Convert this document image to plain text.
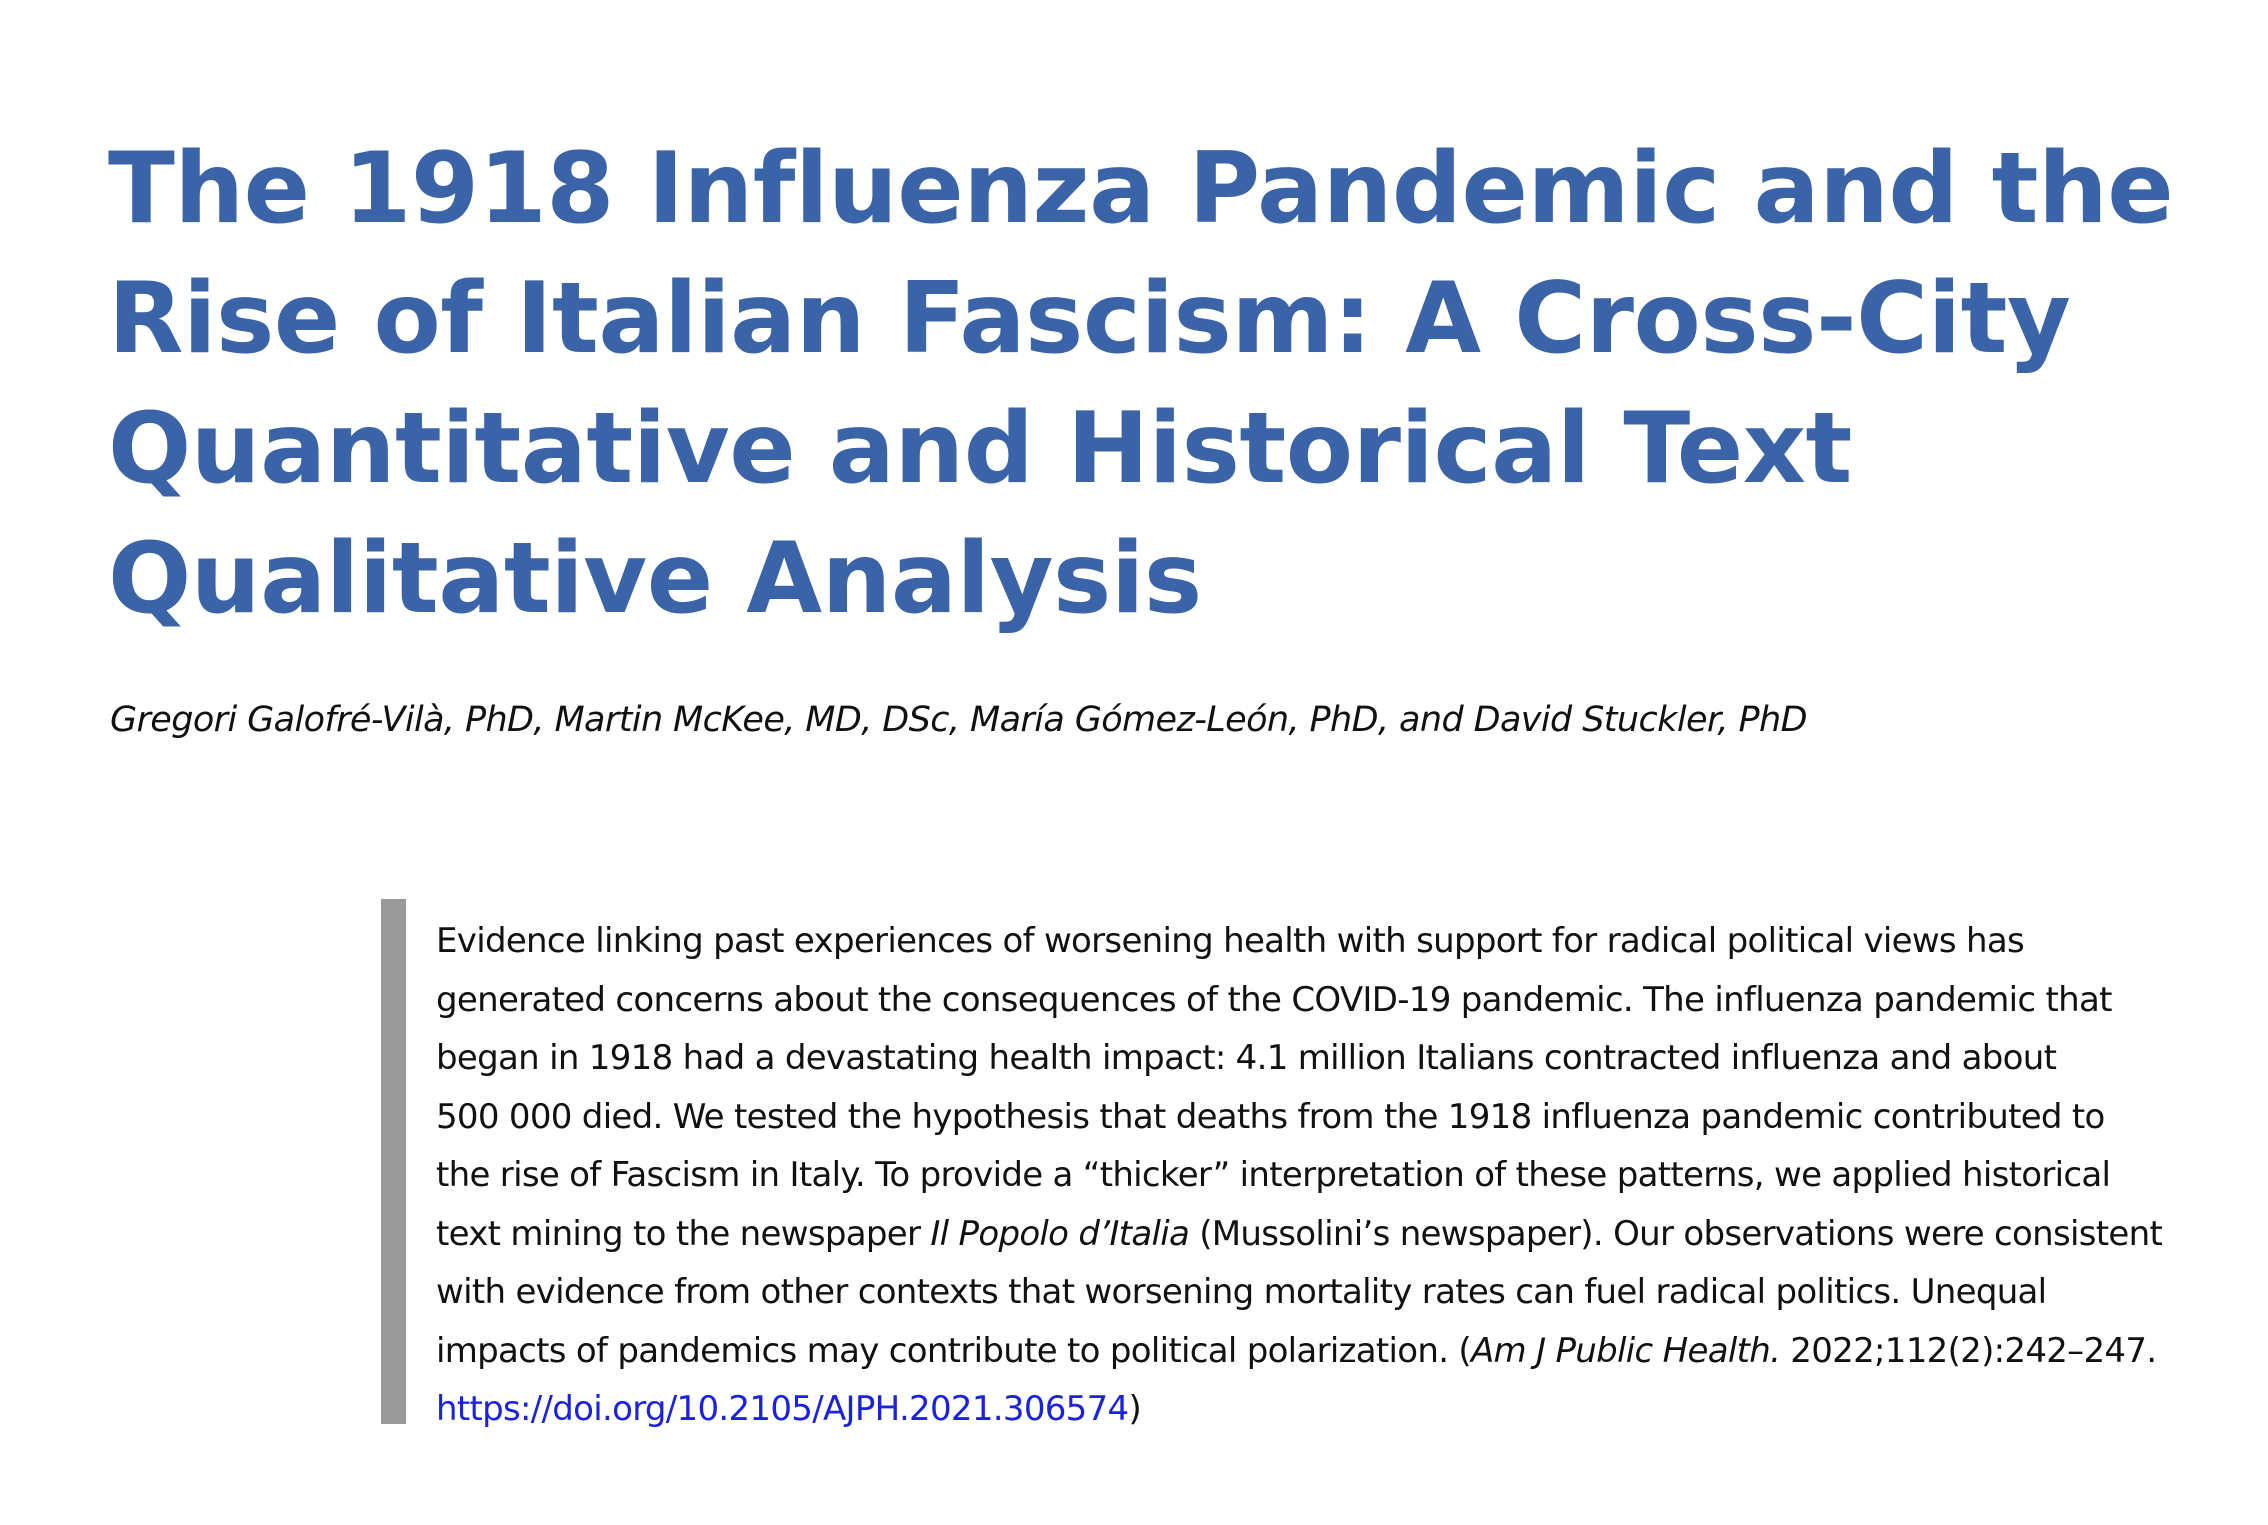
The 1918 Influenza Pandemic and the
Rise of Italian Fascism: A Cross-City
Quantitative and Historical Text
Qualitative Analysis

Gregori Galofré-Vilà, PhD, Martin McKee, MD, DSc, María Gómez-León, PhD, and David Stuckler, PhD

Evidence linking past experiences of worsening health with support for radical political views has
generated concerns about the consequences of the COVID-19 pandemic. The influenza pandemic that
began in 1918 had a devastating health impact: 4.1 million Italians contracted influenza and about
500 000 died. We tested the hypothesis that deaths from the 1918 influenza pandemic contributed to
the rise of Fascism in Italy. To provide a “thicker” interpretation of these patterns, we applied historical
text mining to the newspaper Il Popolo d’Italia (Mussolini’s newspaper). Our observations were consistent
with evidence from other contexts that worsening mortality rates can fuel radical politics. Unequal
impacts of pandemics may contribute to political polarization. (Am J Public Health. 2022;112(2):242–247.
https://doi.org/10.2105/AJPH.2021.306574)
